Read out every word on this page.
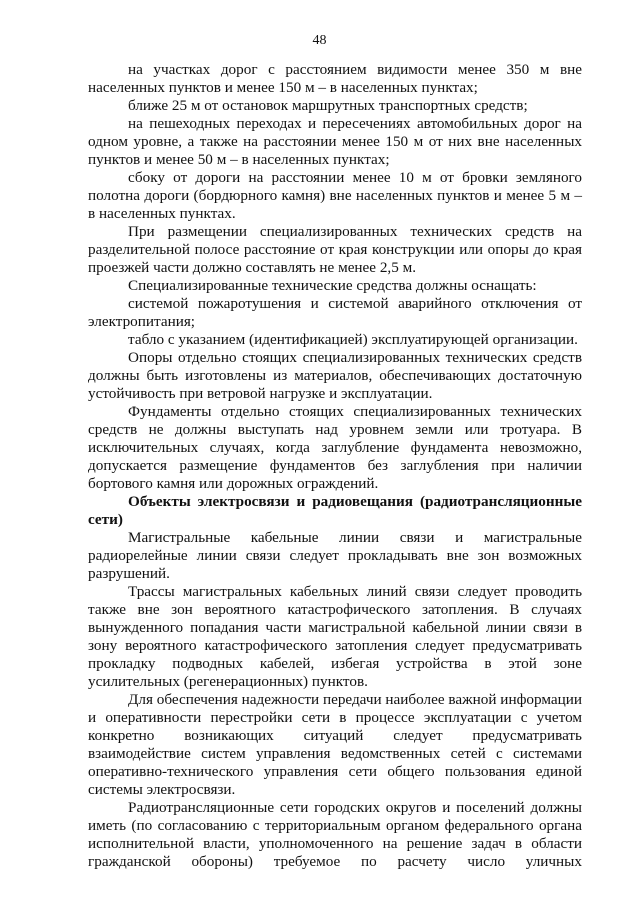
48

на участках дорог с расстоянием видимости менее 350 м вне населенных пунктов и менее 150 м – в населенных пунктах;

ближе 25 м от остановок маршрутных транспортных средств;

на пешеходных переходах и пересечениях автомобильных дорог на одном уровне, а также на расстоянии менее 150 м от них вне населенных пунктов и менее 50 м – в населенных пунктах;

сбоку от дороги на расстоянии менее 10 м от бровки земляного полотна дороги (бордюрного камня) вне населенных пунктов и менее 5 м – в населенных пунктах.

При размещении специализированных технических средств на разделительной полосе расстояние от края конструкции или опоры до края проезжей части должно составлять не менее 2,5 м.

Специализированные технические средства должны оснащать:

системой пожаротушения и системой аварийного отключения от электропитания;

табло с указанием (идентификацией) эксплуатирующей организации.

Опоры отдельно стоящих специализированных технических средств должны быть изготовлены из материалов, обеспечивающих достаточную устойчивость при ветровой нагрузке и эксплуатации.

Фундаменты отдельно стоящих специализированных технических средств не должны выступать над уровнем земли или тротуара. В исключительных случаях, когда заглубление фундамента невозможно, допускается размещение фундаментов без заглубления при наличии бортового камня или дорожных ограждений.

Объекты электросвязи и радиовещания (радиотрансляционные сети)

Магистральные кабельные линии связи и магистральные радиорелейные линии связи следует прокладывать вне зон возможных разрушений.

Трассы магистральных кабельных линий связи следует проводить также вне зон вероятного катастрофического затопления. В случаях вынужденного попадания части магистральной кабельной линии связи в зону вероятного катастрофического затопления следует предусматривать прокладку подводных кабелей, избегая устройства в этой зоне усилительных (регенерационных) пунктов.

Для обеспечения надежности передачи наиболее важной информации и оперативности перестройки сети в процессе эксплуатации с учетом конкретно возникающих ситуаций следует предусматривать взаимодействие систем управления ведомственных сетей с системами оперативно-технического управления сети общего пользования единой системы электросвязи.

Радиотрансляционные сети городских округов и поселений должны иметь (по согласованию с территориальным органом федерального органа исполнительной власти, уполномоченного на решение задач в области гражданской обороны) требуемое по расчету число уличных
